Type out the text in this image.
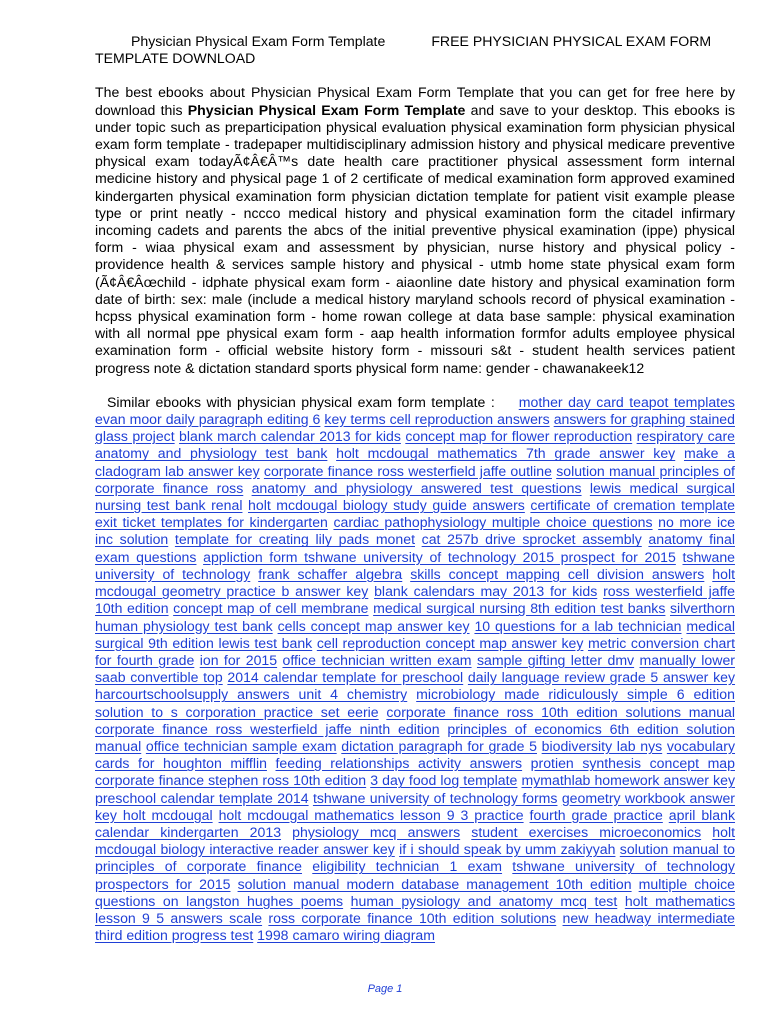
Physician Physical Exam Form Template	FREE PHYSICIAN PHYSICAL EXAM FORM
TEMPLATE DOWNLOAD
The best ebooks about Physician Physical Exam Form Template that you can get for free here by download this Physician Physical Exam Form Template and save to your desktop. This ebooks is under topic such as preparticipation physical evaluation physical examination form physician physical exam form template - tradepaper multidisciplinary admission history and physical medicare preventive physical exam todayÃ¢Â€Â™s date health care practitioner physical assessment form internal medicine history and physical page 1 of 2 certificate of medical examination form approved examined kindergarten physical examination form physician dictation template for patient visit example please type or print neatly - nccco medical history and physical examination form the citadel infirmary incoming cadets and parents the abcs of the initial preventive physical examination (ippe) physical form - wiaa physical exam and assessment by physician, nurse history and physical policy - providence health & services sample history and physical - utmb home state physical exam form (Ã¢Â€Âœchild - idphate physical exam form - aiaonline date history and physical examination form date of birth: sex: male (include a medical history maryland schools record of physical examination - hcpss physical examination form - home rowan college at data base sample: physical examination with all normal ppe physical exam form - aap health information formfor adults employee physical examination form - official website history form - missouri s&t - student health services patient progress note & dictation standard sports physical form name: gender - chawanakeek12
Similar ebooks with physician physical exam form template : mother day card teapot templates evan moor daily paragraph editing 6 key terms cell reproduction answers answers for graphing stained glass project blank march calendar 2013 for kids concept map for flower reproduction respiratory care anatomy and physiology test bank holt mcdougal mathematics 7th grade answer key make a cladogram lab answer key corporate finance ross westerfield jaffe outline solution manual principles of corporate finance ross anatomy and physiology answered test questions lewis medical surgical nursing test bank renal holt mcdougal biology study guide answers certificate of cremation template exit ticket templates for kindergarten cardiac pathophysiology multiple choice questions no more ice inc solution template for creating lily pads monet cat 257b drive sprocket assembly anatomy final exam questions appliction form tshwane university of technology 2015 prospect for 2015 tshwane university of technology frank schaffer algebra skills concept mapping cell division answers holt mcdougal geometry practice b answer key blank calendars may 2013 for kids ross westerfield jaffe 10th edition concept map of cell membrane medical surgical nursing 8th edition test banks silverthorn human physiology test bank cells concept map answer key 10 questions for a lab technician medical surgical 9th edition lewis test bank cell reproduction concept map answer key metric conversion chart for fourth grade ion for 2015 office technician written exam sample gifting letter dmv manually lower saab convertible top 2014 calendar template for preschool daily language review grade 5 answer key harcourtschoolsupply answers unit 4 chemistry microbiology made ridiculously simple 6 edition solution to s corporation practice set eerie corporate finance ross 10th edition solutions manual corporate finance ross westerfield jaffe ninth edition principles of economics 6th edition solution manual office technician sample exam dictation paragraph for grade 5 biodiversity lab nys vocabulary cards for houghton mifflin feeding relationships activity answers protien synthesis concept map corporate finance stephen ross 10th edition 3 day food log template mymathlab homework answer key preschool calendar template 2014 tshwane university of technology forms geometry workbook answer key holt mcdougal holt mcdougal mathematics lesson 9 3 practice fourth grade practice april blank calendar kindergarten 2013 physiology mcq answers student exercises microeconomics holt mcdougal biology interactive reader answer key if i should speak by umm zakiyyah solution manual to principles of corporate finance eligibility technician 1 exam tshwane university of technology prospectors for 2015 solution manual modern database management 10th edition multiple choice questions on langston hughes poems human pysiology and anatomy mcq test holt mathematics lesson 9 5 answers scale ross corporate finance 10th edition solutions new headway intermediate third edition progress test 1998 camaro wiring diagram
Page 1
